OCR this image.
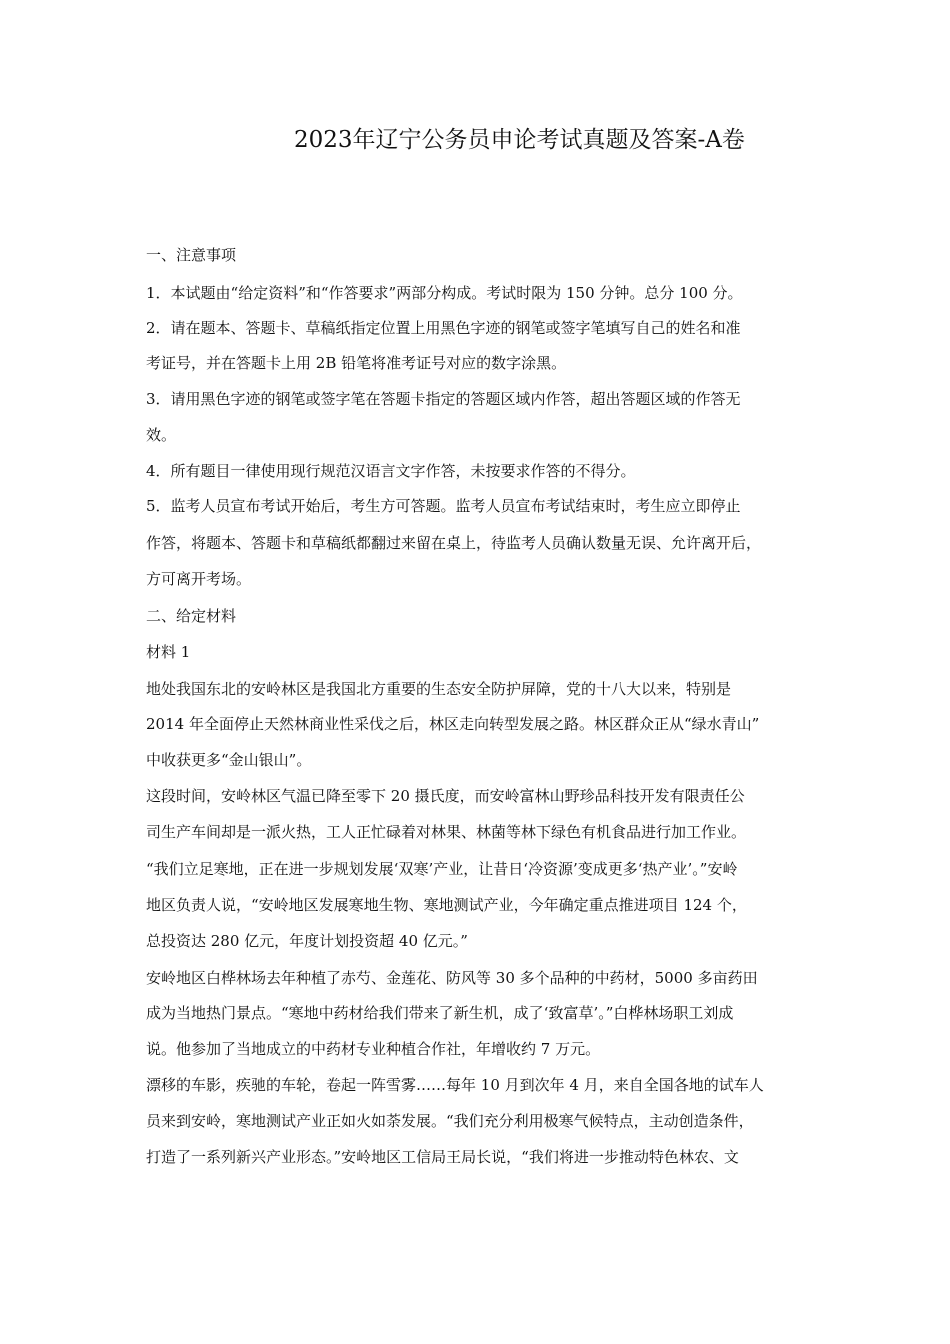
2023年辽宁公务员申论考试真题及答案-A卷
一、注意事项
1．本试题由“给定资料”和“作答要求”两部分构成。考试时限为 150 分钟。总分 100 分。
2．请在题本、答题卡、草稿纸指定位置上用黑色字迹的钢笔或签字笔填写自己的姓名和准
考证号，并在答题卡上用 2B 铅笔将准考证号对应的数字涂黑。
3．请用黑色字迹的钢笔或签字笔在答题卡指定的答题区域内作答，超出答题区域的作答无
效。
4．所有题目一律使用现行规范汉语言文字作答，未按要求作答的不得分。
5．监考人员宣布考试开始后，考生方可答题。监考人员宣布考试结束时，考生应立即停止
作答，将题本、答题卡和草稿纸都翻过来留在桌上，待监考人员确认数量无误、允许离开后，
方可离开考场。
二、给定材料
材料 1
地处我国东北的安岭林区是我国北方重要的生态安全防护屏障，党的十八大以来，特别是
2014 年全面停止天然林商业性采伐之后，林区走向转型发展之路。林区群众正从“绿水青山”
中收获更多“金山银山”。
这段时间，安岭林区气温已降至零下 20 摄氏度，而安岭富林山野珍品科技开发有限责任公
司生产车间却是一派火热，工人正忙碌着对林果、林菌等林下绿色有机食品进行加工作业。
“我们立足寒地，正在进一步规划发展‘双寒’产业，让昔日‘冷资源’变成更多‘热产业’。”安岭
地区负责人说，“安岭地区发展寒地生物、寒地测试产业，今年确定重点推进项目 124 个，
总投资达 280 亿元，年度计划投资超 40 亿元。”
安岭地区白桦林场去年种植了赤芍、金莲花、防风等 30 多个品种的中药材，5000 多亩药田
成为当地热门景点。“寒地中药材给我们带来了新生机，成了‘致富草’。”白桦林场职工刘成
说。他参加了当地成立的中药材专业种植合作社，年增收约 7 万元。
漂移的车影，疾驰的车轮，卷起一阵雪雾……每年 10 月到次年 4 月，来自全国各地的试车人
员来到安岭，寒地测试产业正如火如荼发展。“我们充分利用极寒气候特点，主动创造条件，
打造了一系列新兴产业形态。”安岭地区工信局王局长说，“我们将进一步推动特色林农、文
